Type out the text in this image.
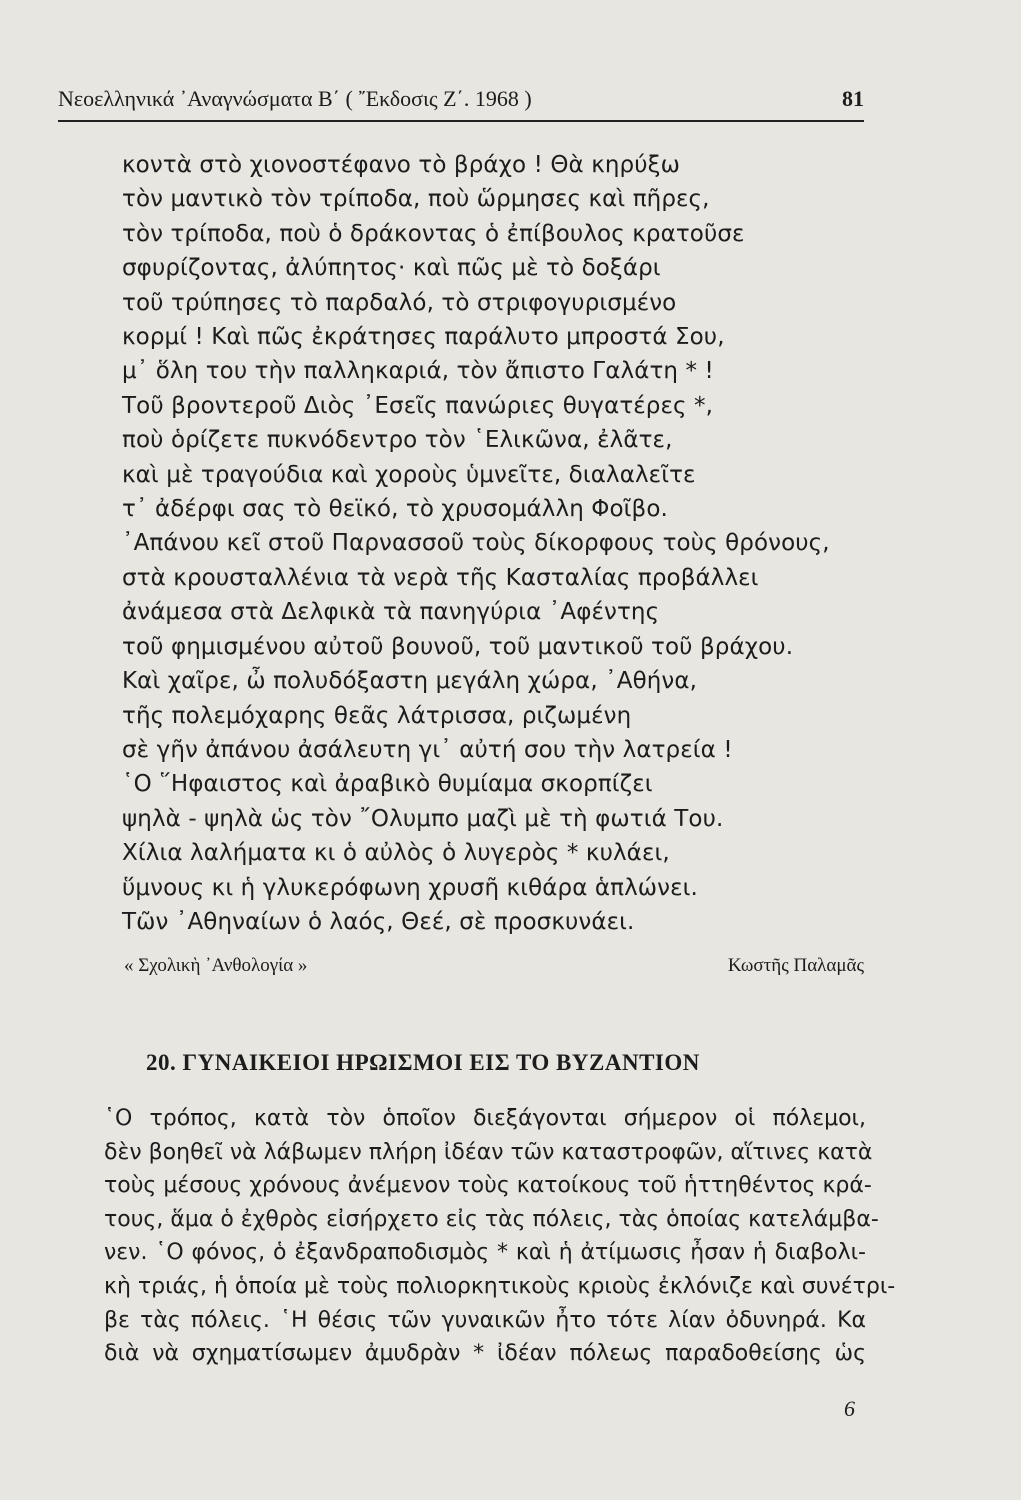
Νεοελληνικά ᾿Αναγνώσματα Β΄ ( ῎Εκδοσις Ζ΄. 1968 )	81
κοντὰ στὸ χιονοστέφανο τὸ βράχο ! Θὰ κηρύξω
τὸν μαντικὸ τὸν τρίποδα, ποὺ ὥρμησες καὶ πῆρες,
τὸν τρίποδα, ποὺ ὁ δράκοντας ὁ ἐπίβουλος κρατοῦσε
σφυρίζοντας, ἀλύπητος· καὶ πῶς μὲ τὸ δοξάρι
τοῦ τρύπησες τὸ παρδαλό, τὸ στριφογυρισμένο
κορμί ! Καὶ πῶς ἐκράτησες παράλυτο μπροστά Σου,
μ᾿ ὅλη του τὴν παλληκαριά, τὸν ἄπιστο Γαλάτη * !
Τοῦ βροντεροῦ Διὸς ᾿Εσεῖς πανώριες θυγατέρες *,
ποὺ ὁρίζετε πυκνόδεντρο τὸν ῾Ελικῶνα, ἐλᾶτε,
καὶ μὲ τραγούδια καὶ χοροὺς ὑμνεῖτε, διαλαλεῖτε
τ᾿ ἀδέρφι σας τὸ θεϊκό, τὸ χρυσομάλλη Φοῖβο.
᾿Απάνου κεῖ στοῦ Παρνασσοῦ τοὺς δίκορφους τοὺς θρόνους,
στὰ κρουσταλλένια τὰ νερὰ τῆς Κασταλίας προβάλλει
ἀνάμεσα στὰ Δελφικὰ τὰ πανηγύρια ᾿Αφέντης
τοῦ φημισμένου αὐτοῦ βουνοῦ, τοῦ μαντικοῦ τοῦ βράχου.
Καὶ χαῖρε, ὦ πολυδόξαστη μεγάλη χώρα, ᾿Αθήνα,
τῆς πολεμόχαρης θεᾶς λάτρισσα, ριζωμένη
σὲ γῆν ἀπάνου ἀσάλευτη γι᾿ αὐτή σου τὴν λατρεία !
῾Ο ῞Ηφαιστος καὶ ἀραβικὸ θυμίαμα σκορπίζει
ψηλὰ - ψηλὰ ὡς τὸν ῎Ολυμπο μαζὶ μὲ τὴ φωτιά Του.
Χίλια λαλήματα κι ὁ αὐλὸς ὁ λυγερὸς * κυλάει,
ὕμνους κι ἡ γλυκερόφωνη χρυσῆ κιθάρα ἁπλώνει.
Τῶν ᾿Αθηναίων ὁ λαός, Θεέ, σὲ προσκυνάει.
« Σχολικὴ ᾿Ανθολογία »	Κωστῆς Παλαμᾶς
20. ΓΥΝΑΙΚΕΙΟΙ ΗΡΩΙΣΜΟΙ ΕΙΣ ΤΟ ΒΥΖΑΝΤΙΟΝ
῾Ο τρόπος, κατὰ τὸν ὁποῖον διεξάγονται σήμερον οἱ πόλεμοι,
δὲν βοηθεῖ νὰ λάβωμεν πλήρη ἰδέαν τῶν καταστροφῶν, αἵτινες κατὰ
τοὺς μέσους χρόνους ἀνέμενον τοὺς κατοίκους τοῦ ἡττηθέντος κρά-
τους, ἅμα ὁ ἐχθρὸς εἰσήρχετο εἰς τὰς πόλεις, τὰς ὁποίας κατελάμβα-
νεν. ῾Ο φόνος, ὁ ἐξανδραποδισμὸς * καὶ ἡ ἀτίμωσις ἦσαν ἡ διαβολι-
κὴ τριάς, ἡ ὁποία μὲ τοὺς πολιορκητικοὺς κριοὺς ἐκλόνιζε καὶ συνέτρι-
βε τὰς πόλεις. ῾Η θέσις τῶν γυναικῶν ἦτο τότε λίαν ὀδυνηρά. Κα
διὰ νὰ σχηματίσωμεν ἀμυδρὰν * ἰδέαν πόλεως παραδοθείσης ὡς
6
